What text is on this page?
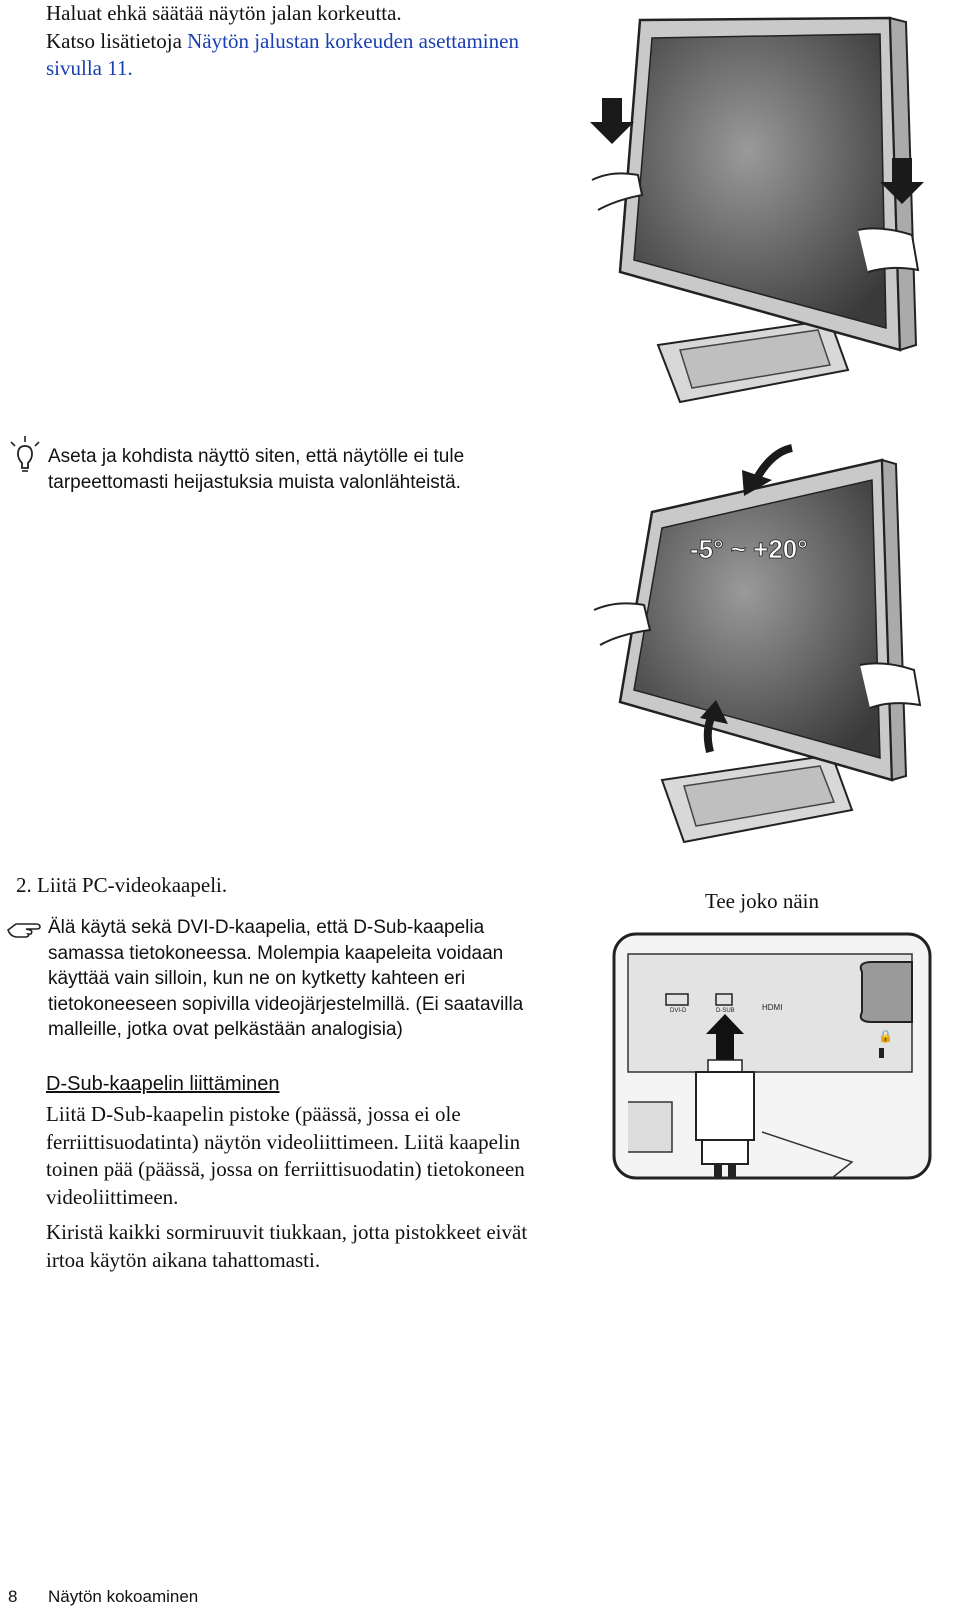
Haluat ehkä säätää näytön jalan korkeutta.
Katso lisätietoja Näytön jalustan korkeuden asettaminen
sivulla 11.
Aseta ja kohdista näyttö siten, että näytölle ei tule
tarpeettomasti heijastuksia muista valonlähteistä.
-5° ~ +20°
2. Liitä PC-videokaapeli.
Älä käytä sekä DVI-D-kaapelia, että D-Sub-kaapelia
samassa tietokoneessa. Molempia kaapeleita voidaan
käyttää vain silloin, kun ne on kytketty kahteen eri
tietokoneeseen sopivilla videojärjestelmillä. (Ei saatavilla
malleille, jotka ovat pelkästään analogisia)
Tee joko näin
DVI-D	D-SUB	HDMI
🔒
D-Sub-kaapelin liittäminen
Liitä D-Sub-kaapelin pistoke (päässä, jossa ei ole
ferriittisuodatinta) näytön videoliittimeen. Liitä kaapelin
toinen pää (päässä, jossa on ferriittisuodatin) tietokoneen
videoliittimeen.
Kiristä kaikki sormiruuvit tiukkaan, jotta pistokkeet eivät
irtoa käytön aikana tahattomasti.
8 Näytön kokoaminen
